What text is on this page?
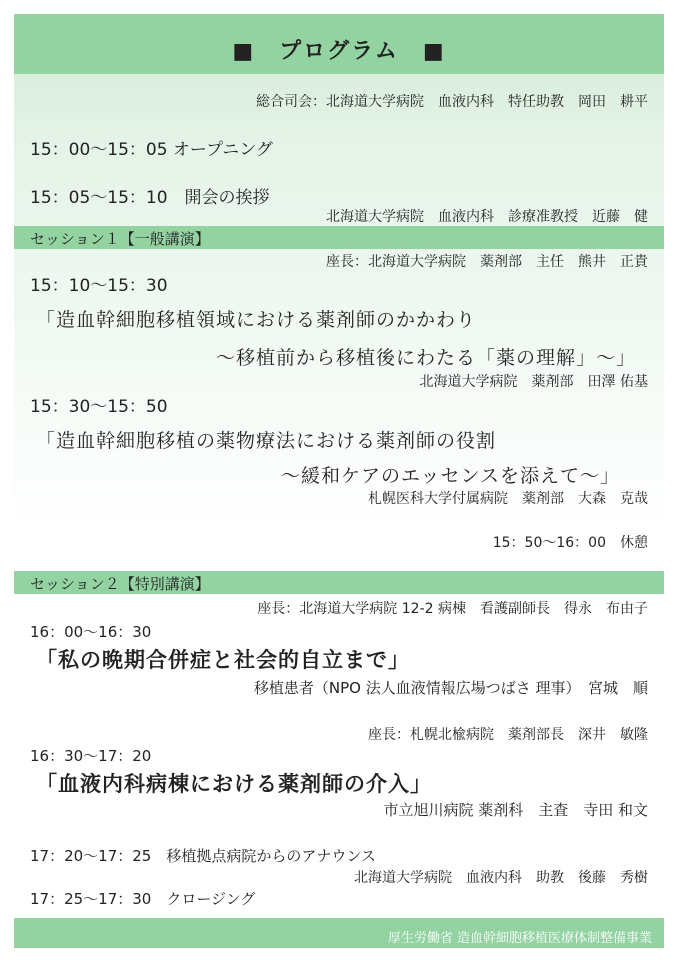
■　プログラム　■
総合司会：北海道大学病院　血液内科　特任助教　岡田　耕平
15：00～15：05 オープニング
15：05～15：10　開会の挨拶
北海道大学病院　血液内科　診療准教授　近藤　健
セッション１【一般講演】
座長：北海道大学病院　薬剤部　主任　熊井　正貴
15：10～15：30
「造血幹細胞移植領域における薬剤師のかかわり
～移植前から移植後にわたる「薬の理解」～」
北海道大学病院　薬剤部　田澤 佑基
15：30～15：50
「造血幹細胞移植の薬物療法における薬剤師の役割
～緩和ケアのエッセンスを添えて～」
札幌医科大学付属病院　薬剤部　大森　克哉
15：50～16：00　休憩
セッション２【特別講演】
座長：北海道大学病院 12-2 病棟　看護副師長　得永　布由子
16：00～16：30
「私の晩期合併症と社会的自立まで」
移植患者（NPO 法人血液情報広場つばさ 理事）　宮城　順
座長：札幌北楡病院　薬剤部長　深井　敏隆
16：30～17：20
「血液内科病棟における薬剤師の介入」
市立旭川病院 薬剤科　主査　寺田 和文
17：20～17：25　移植拠点病院からのアナウンス
北海道大学病院　血液内科　助教　後藤　秀樹
17：25～17：30　クロージング
厚生労働省 造血幹細胞移植医療体制整備事業
